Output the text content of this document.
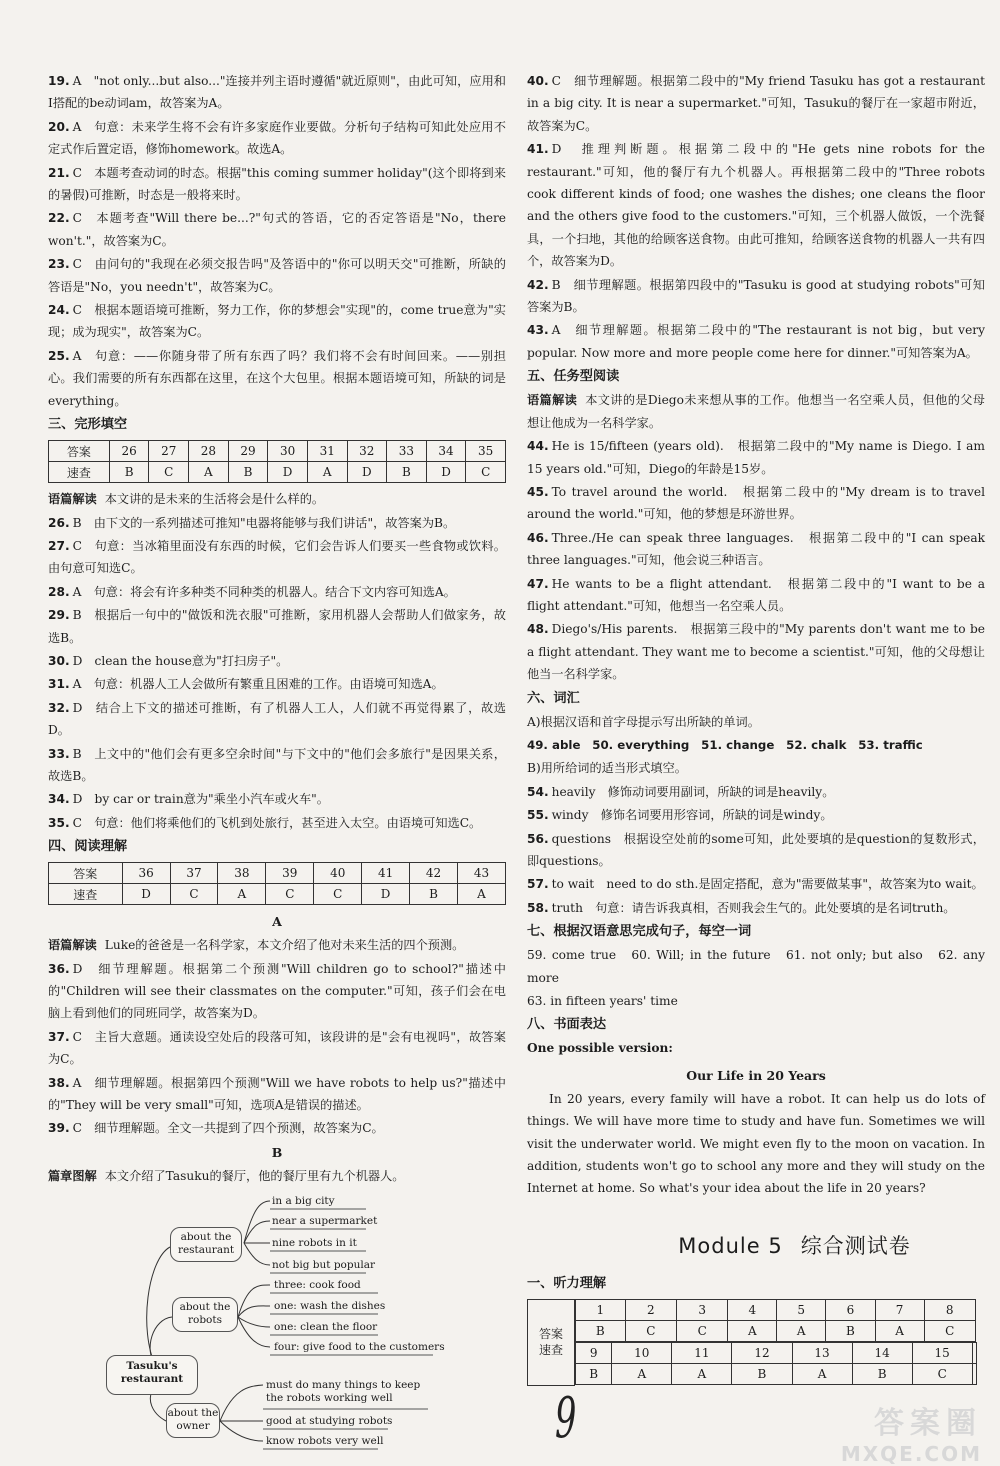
19. A　"not only...but also..."连接并列主语时遵循"就近原则"，由此可知，应用和I搭配的be动词am，故答案为A。

20. A　句意：未来学生将不会有许多家庭作业要做。分析句子结构可知此处应用不定式作后置定语，修饰homework。故选A。

21. C　本题考查动词的时态。根据"this coming summer holiday"(这个即将到来的暑假)可推断，时态是一般将来时。

22. C　本题考查"Will there be...?"句式的答语，它的否定答语是"No，there won't."，故答案为C。

23. C　由问句的"我现在必须交报告吗"及答语中的"你可以明天交"可推断，所缺的答语是"No，you needn't"，故答案为C。

24. C　根据本题语境可推断，努力工作，你的梦想会"实现"的，come true意为"实现；成为现实"，故答案为C。

25. A　句意：——你随身带了所有东西了吗？我们将不会有时间回来。——别担心。我们需要的所有东西都在这里，在这个大包里。根据本题语境可知，所缺的词是everything。

三、完形填空

答案	26	27	28	29	30	31	32	33	34	35
速查	B	C	A	B	D	A	D	B	D	C

语篇解读 本文讲的是未来的生活将会是什么样的。

26. B　由下文的一系列描述可推知"电器将能够与我们讲话"，故答案为B。

27. C　句意：当冰箱里面没有东西的时候，它们会告诉人们要买一些食物或饮料。由句意可知选C。

28. A　句意：将会有许多种类不同种类的机器人。结合下文内容可知选A。

29. B　根据后一句中的"做饭和洗衣服"可推断，家用机器人会帮助人们做家务，故选B。

30. D　clean the house意为"打扫房子"。

31. A　句意：机器人工人会做所有繁重且困难的工作。由语境可知选A。

32. D　结合上下文的描述可推断，有了机器人工人，人们就不再觉得累了，故选D。

33. B　上文中的"他们会有更多空余时间"与下文中的"他们会多旅行"是因果关系，故选B。

34. D　by car or train意为"乘坐小汽车或火车"。

35. C　句意：他们将乘他们的飞机到处旅行，甚至进入太空。由语境可知选C。

四、阅读理解

答案	36	37	38	39	40	41	42	43
速查	D	C	A	C	C	D	B	A

A

语篇解读 Luke的爸爸是一名科学家，本文介绍了他对未来生活的四个预测。

36. D　细节理解题。根据第二个预测"Will children go to school?"描述中的"Children will see their classmates on the computer."可知，孩子们会在电脑上看到他们的同班同学，故答案为D。

37. C　主旨大意题。通读设空处后的段落可知，该段讲的是"会有电视吗"，故答案为C。

38. A　细节理解题。根据第四个预测"Will we have robots to help us?"描述中的"They will be very small"可知，选项A是错误的描述。

39. C　细节理解题。全文一共提到了四个预测，故答案为C。

B

篇章图解 本文介绍了Tasuku的餐厅，他的餐厅里有九个机器人。

Tasuku's restaurant
about the restaurant
about the robots
about the owner
in a big city
near a supermarket
nine robots in it
not big but popular
three: cook food
one: wash the dishes
one: clean the floor
four: give food to the customers
must do many things to keep the robots working well
good at studying robots
know robots very well

40. C　细节理解题。根据第二段中的"My friend Tasuku has got a restaurant in a big city. It is near a supermarket."可知，Tasuku的餐厅在一家超市附近，故答案为C。

41. D　推理判断题。根据第二段中的"He gets nine robots for the restaurant."可知，他的餐厅有九个机器人。再根据第二段中的"Three robots cook different kinds of food; one washes the dishes; one cleans the floor and the others give food to the customers."可知，三个机器人做饭，一个洗餐具，一个扫地，其他的给顾客送食物。由此可推知，给顾客送食物的机器人一共有四个，故答案为D。

42. B　细节理解题。根据第四段中的"Tasuku is good at studying robots"可知答案为B。

43. A　细节理解题。根据第二段中的"The restaurant is not big，but very popular. Now more and more people come here for dinner."可知答案为A。

五、任务型阅读

语篇解读 本文讲的是Diego未来想从事的工作。他想当一名空乘人员，但他的父母想让他成为一名科学家。

44. He is 15/fifteen (years old).　根据第二段中的"My name is Diego. I am 15 years old."可知，Diego的年龄是15岁。

45. To travel around the world.　根据第二段中的"My dream is to travel around the world."可知，他的梦想是环游世界。

46. Three./He can speak three languages.　根据第二段中的"I can speak three languages."可知，他会说三种语言。

47. He wants to be a flight attendant.　根据第二段中的"I want to be a flight attendant."可知，他想当一名空乘人员。

48. Diego's/His parents.　根据第三段中的"My parents don't want me to be a flight attendant. They want me to become a scientist."可知，他的父母想让他当一名科学家。

六、词汇

A)根据汉语和首字母提示写出所缺的单词。

49. able　50. everything　51. change　52. chalk　53. traffic

B)用所给词的适当形式填空。

54. heavily　修饰动词要用副词，所缺的词是heavily。

55. windy　修饰名词要用形容词，所缺的词是windy。

56. questions　根据设空处前的some可知，此处要填的是question的复数形式，即questions。

57. to wait　need to do sth.是固定搭配，意为"需要做某事"，故答案为to wait。

58. truth　句意：请告诉我真相，否则我会生气的。此处要填的是名词truth。

七、根据汉语意思完成句子，每空一词

59. come true　60. Will; in the future　61. not only; but also　62. any more

63. in fifteen years' time

八、书面表达

One possible version:

Our Life in 20 Years

In 20 years, every family will have a robot. It can help us do lots of things. We will have more time to study and have fun. Sometimes we will visit the underwater world. We might even fly to the moon on vacation. In addition, students won't go to school any more and they will study on the Internet at home. So what's your idea about the life in 20 years?

Module 5 综合测试卷

一、听力理解

答案
速查	
1	2	3	4	5	6	7	8
B	C	C	A	A	B	A	C

9	10	11	12	13	14	15	
B	A	A	B	A	B	C	
9	答案圈
MXQE.COM
